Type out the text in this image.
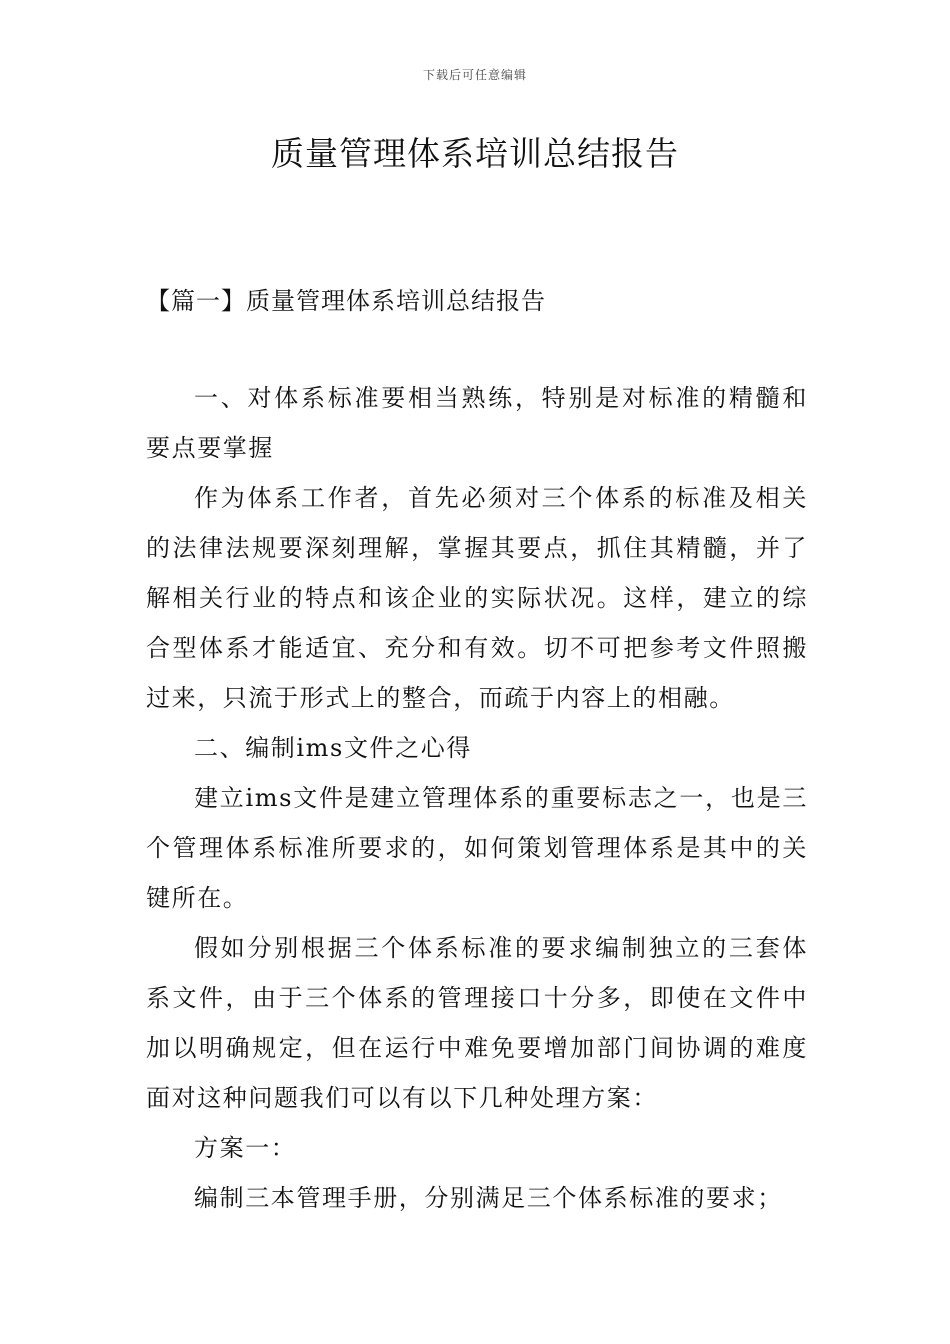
下载后可任意编辑
质量管理体系培训总结报告
【篇一】质量管理体系培训总结报告

一、对体系标准要相当熟练，特别是对标准的精髓和要点要掌握

作为体系工作者，首先必须对三个体系的标准及相关的法律法规要深刻理解，掌握其要点，抓住其精髓，并了解相关行业的特点和该企业的实际状况。这样，建立的综合型体系才能适宜、充分和有效。切不可把参考文件照搬过来，只流于形式上的整合，而疏于内容上的相融。

二、编制ims文件之心得

建立ims文件是建立管理体系的重要标志之一，也是三个管理体系标准所要求的，如何策划管理体系是其中的关键所在。

假如分别根据三个体系标准的要求编制独立的三套体系文件，由于三个体系的管理接口十分多，即使在文件中加以明确规定，但在运行中难免要增加部门间协调的难度面对这种问题我们可以有以下几种处理方案：

方案一：

编制三本管理手册，分别满足三个体系标准的要求；
